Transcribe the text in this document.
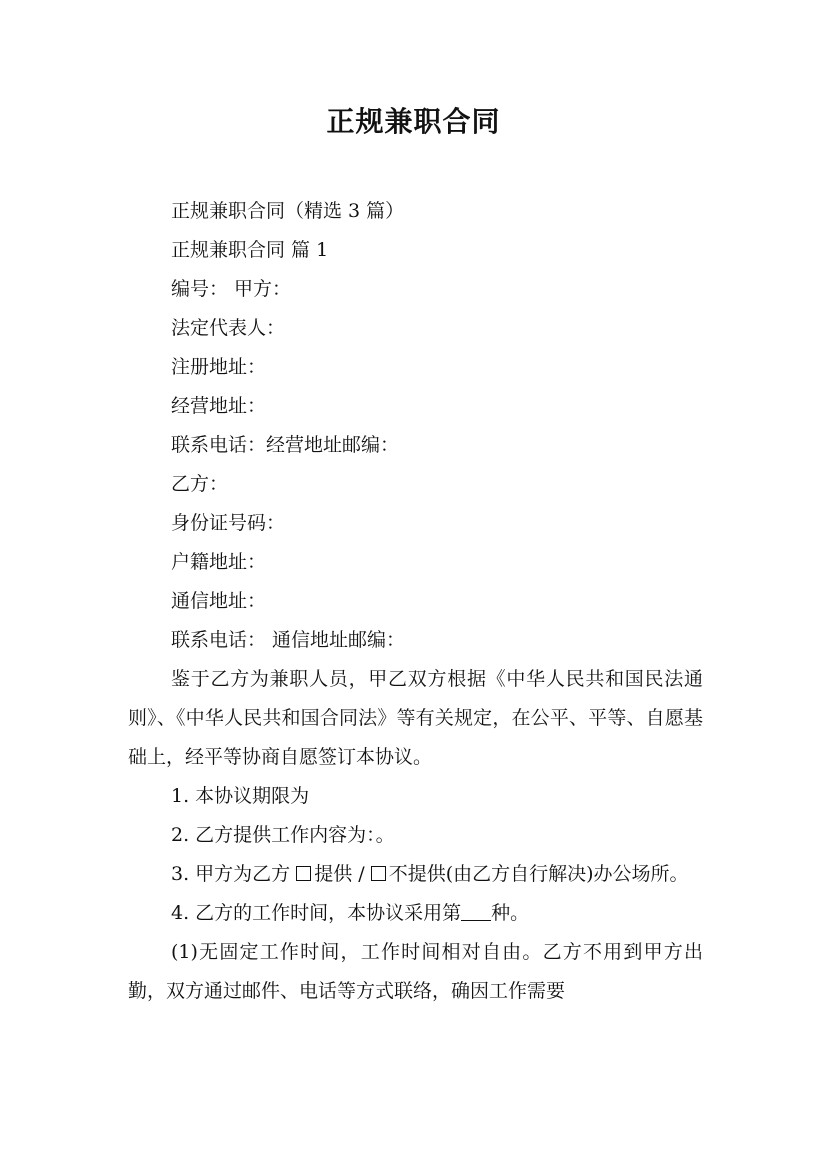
正规兼职合同

正规兼职合同（精选 3 篇）

正规兼职合同 篇 1

编号： 甲方：

法定代表人：

注册地址：

经营地址：

联系电话：经营地址邮编：

乙方：

身份证号码：

户籍地址：

通信地址：

联系电话： 通信地址邮编：

鉴于乙方为兼职人员，甲乙双方根据《中华人民共和国民法通则》、《中华人民共和国合同法》等有关规定，在公平、平等、自愿基础上，经平等协商自愿签订本协议。

1. 本协议期限为

2. 乙方提供工作内容为：。

3. 甲方为乙方 提供 / 不提供(由乙方自行解决)办公场所。

4. 乙方的工作时间，本协议采用第 种。

(1)无固定工作时间，工作时间相对自由。乙方不用到甲方出勤，双方通过邮件、电话等方式联络，确因工作需要
